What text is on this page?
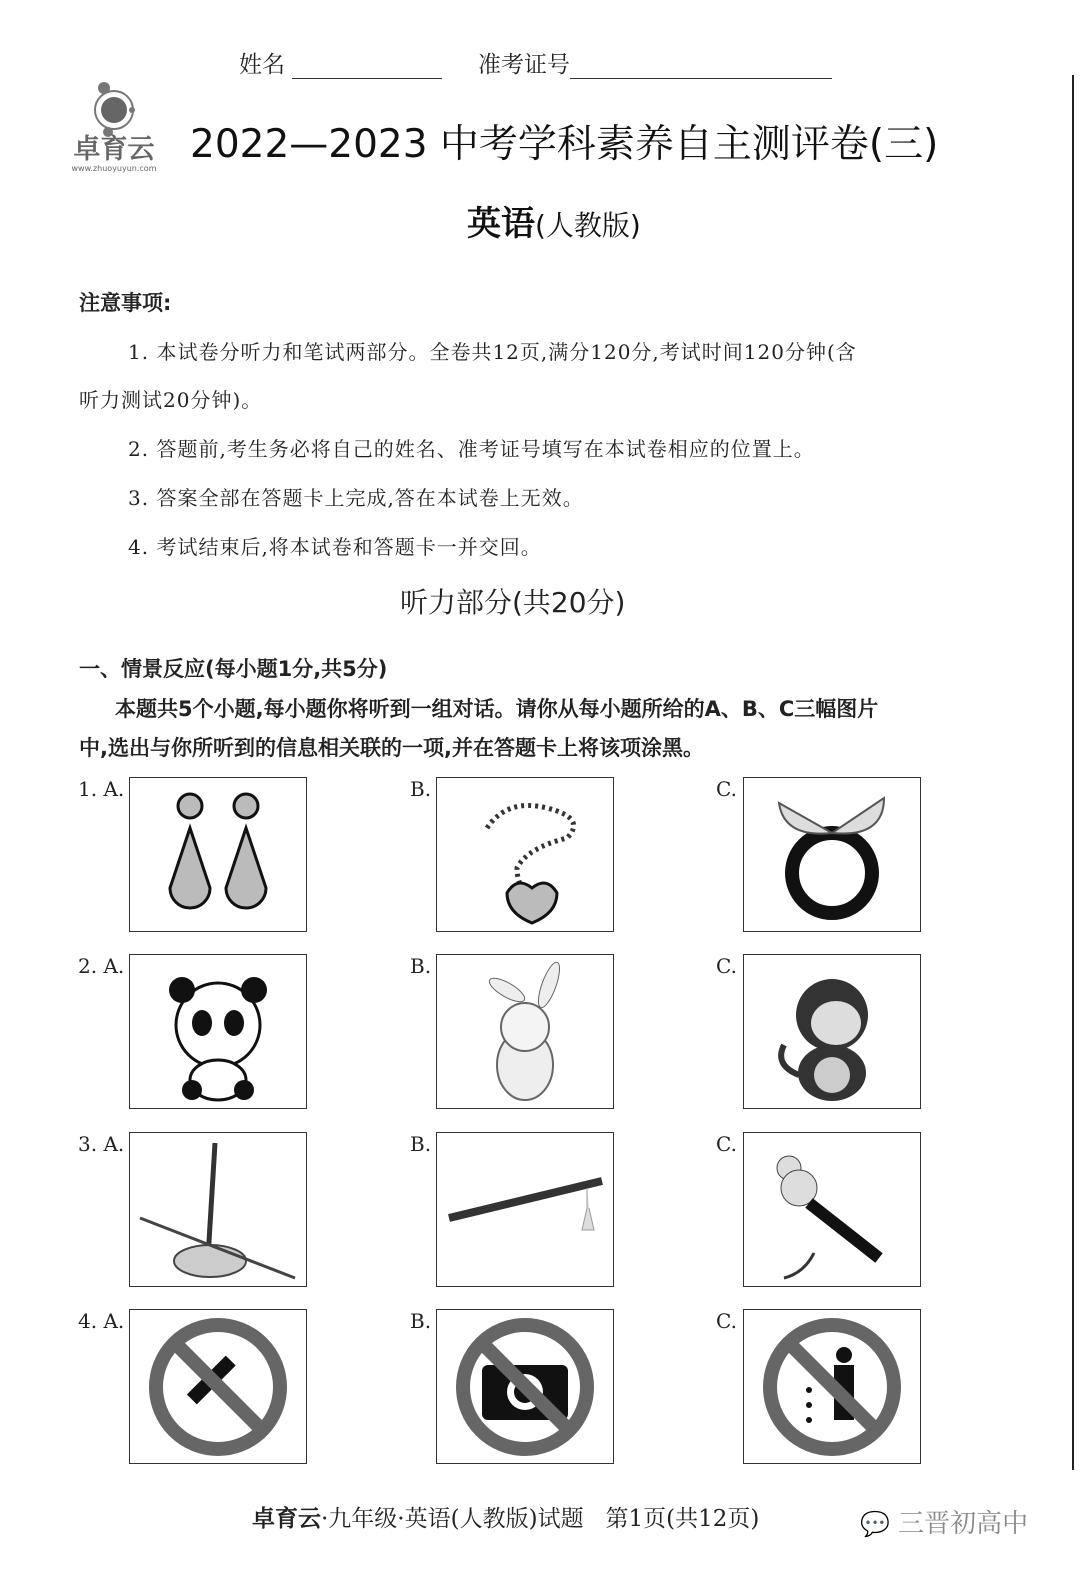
姓名	准考证号
卓育云
www.zhuoyuyun.com
2022—2023 中考学科素养自主测评卷(三)
英语(人教版)
注意事项:
1. 本试卷分听力和笔试两部分。全卷共12页,满分120分,考试时间120分钟(含
听力测试20分钟)。
2. 答题前,考生务必将自己的姓名、准考证号填写在本试卷相应的位置上。
3. 答案全部在答题卡上完成,答在本试卷上无效。
4. 考试结束后,将本试卷和答题卡一并交回。
听力部分(共20分)
一、情景反应(每小题1分,共5分)
本题共5个小题,每小题你将听到一组对话。请你从每小题所给的A、B、C三幅图片
中,选出与你所听到的信息相关联的一项,并在答题卡上将该项涂黑。
1. A.	B.	C.
2. A.	B.	C.
3. A.	B.	C.
4. A.	B.	C.
卓育云·九年级·英语(人教版)试题 第1页(共12页)	💬 三晋初高中
